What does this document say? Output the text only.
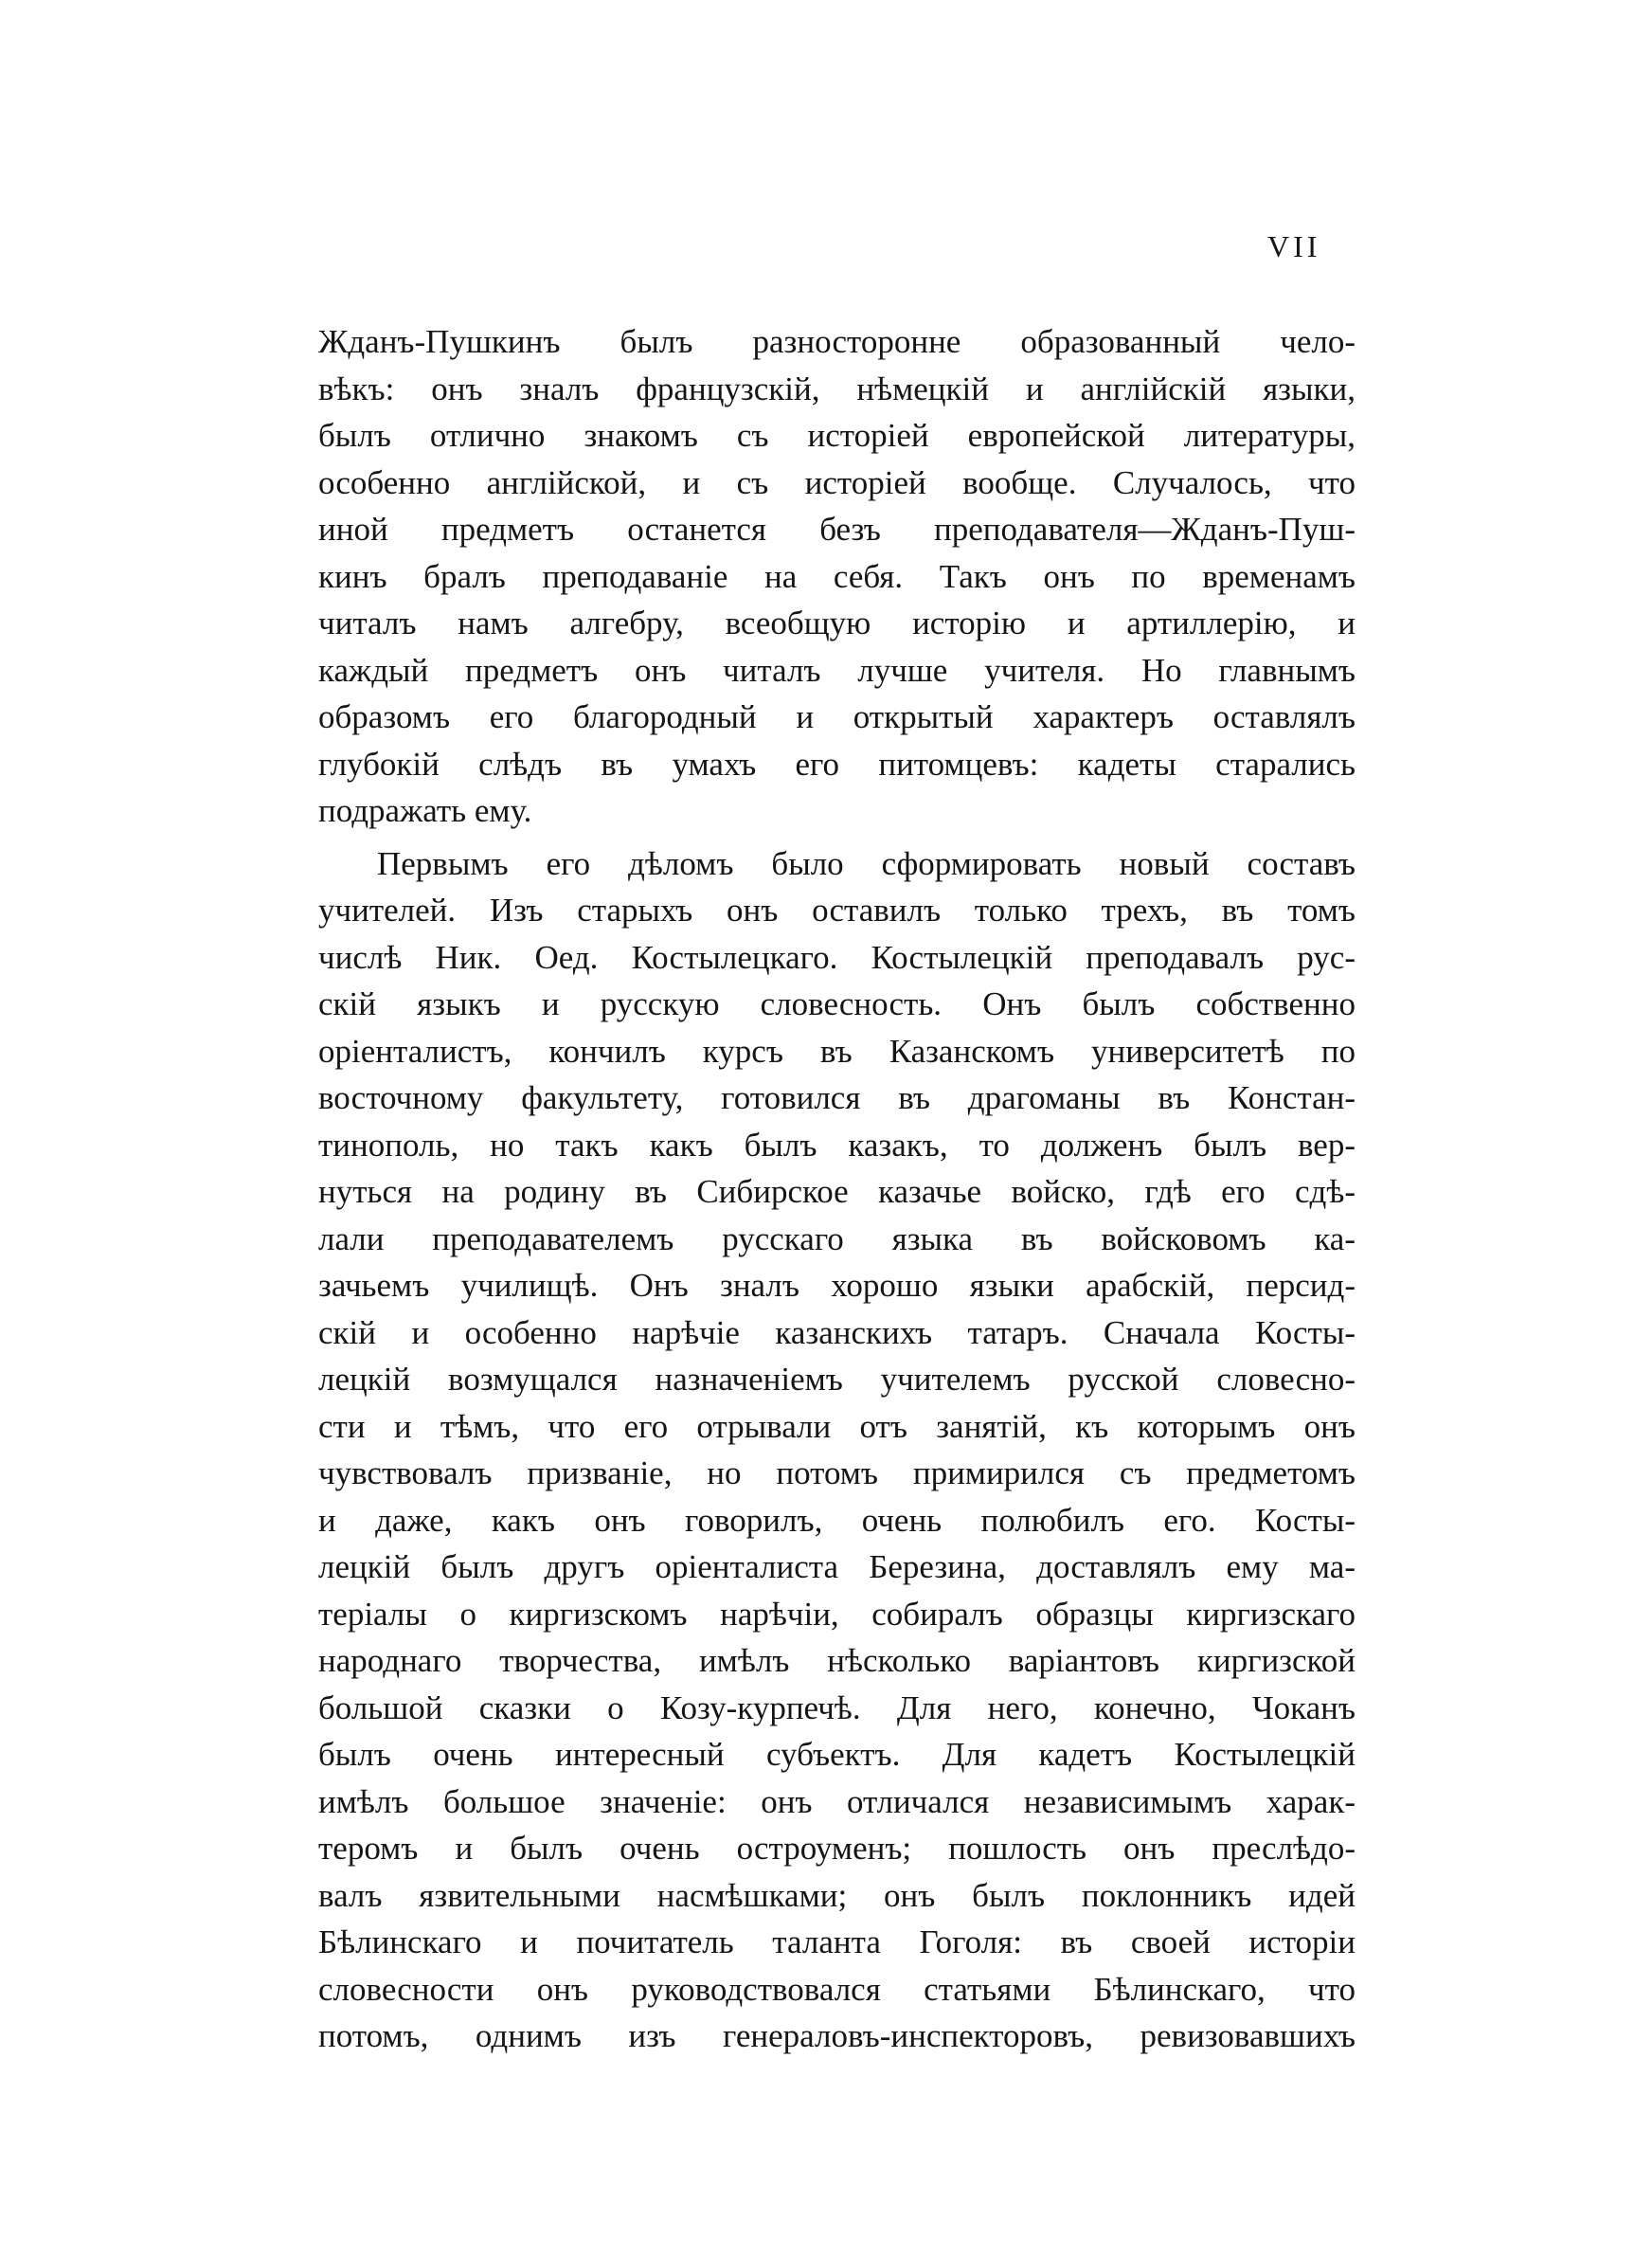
VII
Жданъ-Пушкинъ былъ разносторонне образованный чело-
вѣкъ: онъ зналъ французскій, нѣмецкій и англійскій языки,
былъ отлично знакомъ съ исторіей европейской литературы,
особенно англійской, и съ исторіей вообще. Случалось, что
иной предметъ останется безъ преподавателя—Жданъ-Пуш-
кинъ бралъ преподаваніе на себя. Такъ онъ по временамъ
читалъ намъ алгебру, всеобщую исторію и артиллерію, и
каждый предметъ онъ читалъ лучше учителя. Но главнымъ
образомъ его благородный и открытый характеръ оставлялъ
глубокій слѣдъ въ умахъ его питомцевъ: кадеты старались
подражать ему.
Первымъ его дѣломъ было сформировать новый составъ
учителей. Изъ старыхъ онъ оставилъ только трехъ, въ томъ
числѣ Ник. Оед. Костылецкаго. Костылецкій преподавалъ рус-
скій языкъ и русскую словесность. Онъ былъ собственно
оріенталистъ, кончилъ курсъ въ Казанскомъ университетѣ по
восточному факультету, готовился въ драгоманы въ Констан-
тинополь, но такъ какъ былъ казакъ, то долженъ былъ вер-
нуться на родину въ Сибирское казачье войско, гдѣ его сдѣ-
лали преподавателемъ русскаго языка въ войсковомъ ка-
зачьемъ училищѣ. Онъ зналъ хорошо языки арабскій, персид-
скій и особенно нарѣчіе казанскихъ татаръ. Сначала Косты-
лецкій возмущался назначеніемъ учителемъ русской словесно-
сти и тѣмъ, что его отрывали отъ занятій, къ которымъ онъ
чувствовалъ призваніе, но потомъ примирился съ предметомъ
и даже, какъ онъ говорилъ, очень полюбилъ его. Косты-
лецкій былъ другъ оріенталиста Березина, доставлялъ ему ма-
теріалы о киргизскомъ нарѣчіи, собиралъ образцы киргизскаго
народнаго творчества, имѣлъ нѣсколько варіантовъ киргизской
большой сказки о Козу-курпечѣ. Для него, конечно, Чоканъ
былъ очень интересный субъектъ. Для кадетъ Костылецкій
имѣлъ большое значеніе: онъ отличался независимымъ харак-
теромъ и былъ очень остроуменъ; пошлость онъ преслѣдо-
валъ язвительными насмѣшками; онъ былъ поклонникъ идей
Бѣлинскаго и почитатель таланта Гоголя: въ своей исторіи
словесности онъ руководствовался статьями Бѣлинскаго, что
потомъ, однимъ изъ генераловъ-инспекторовъ, ревизовавшихъ
